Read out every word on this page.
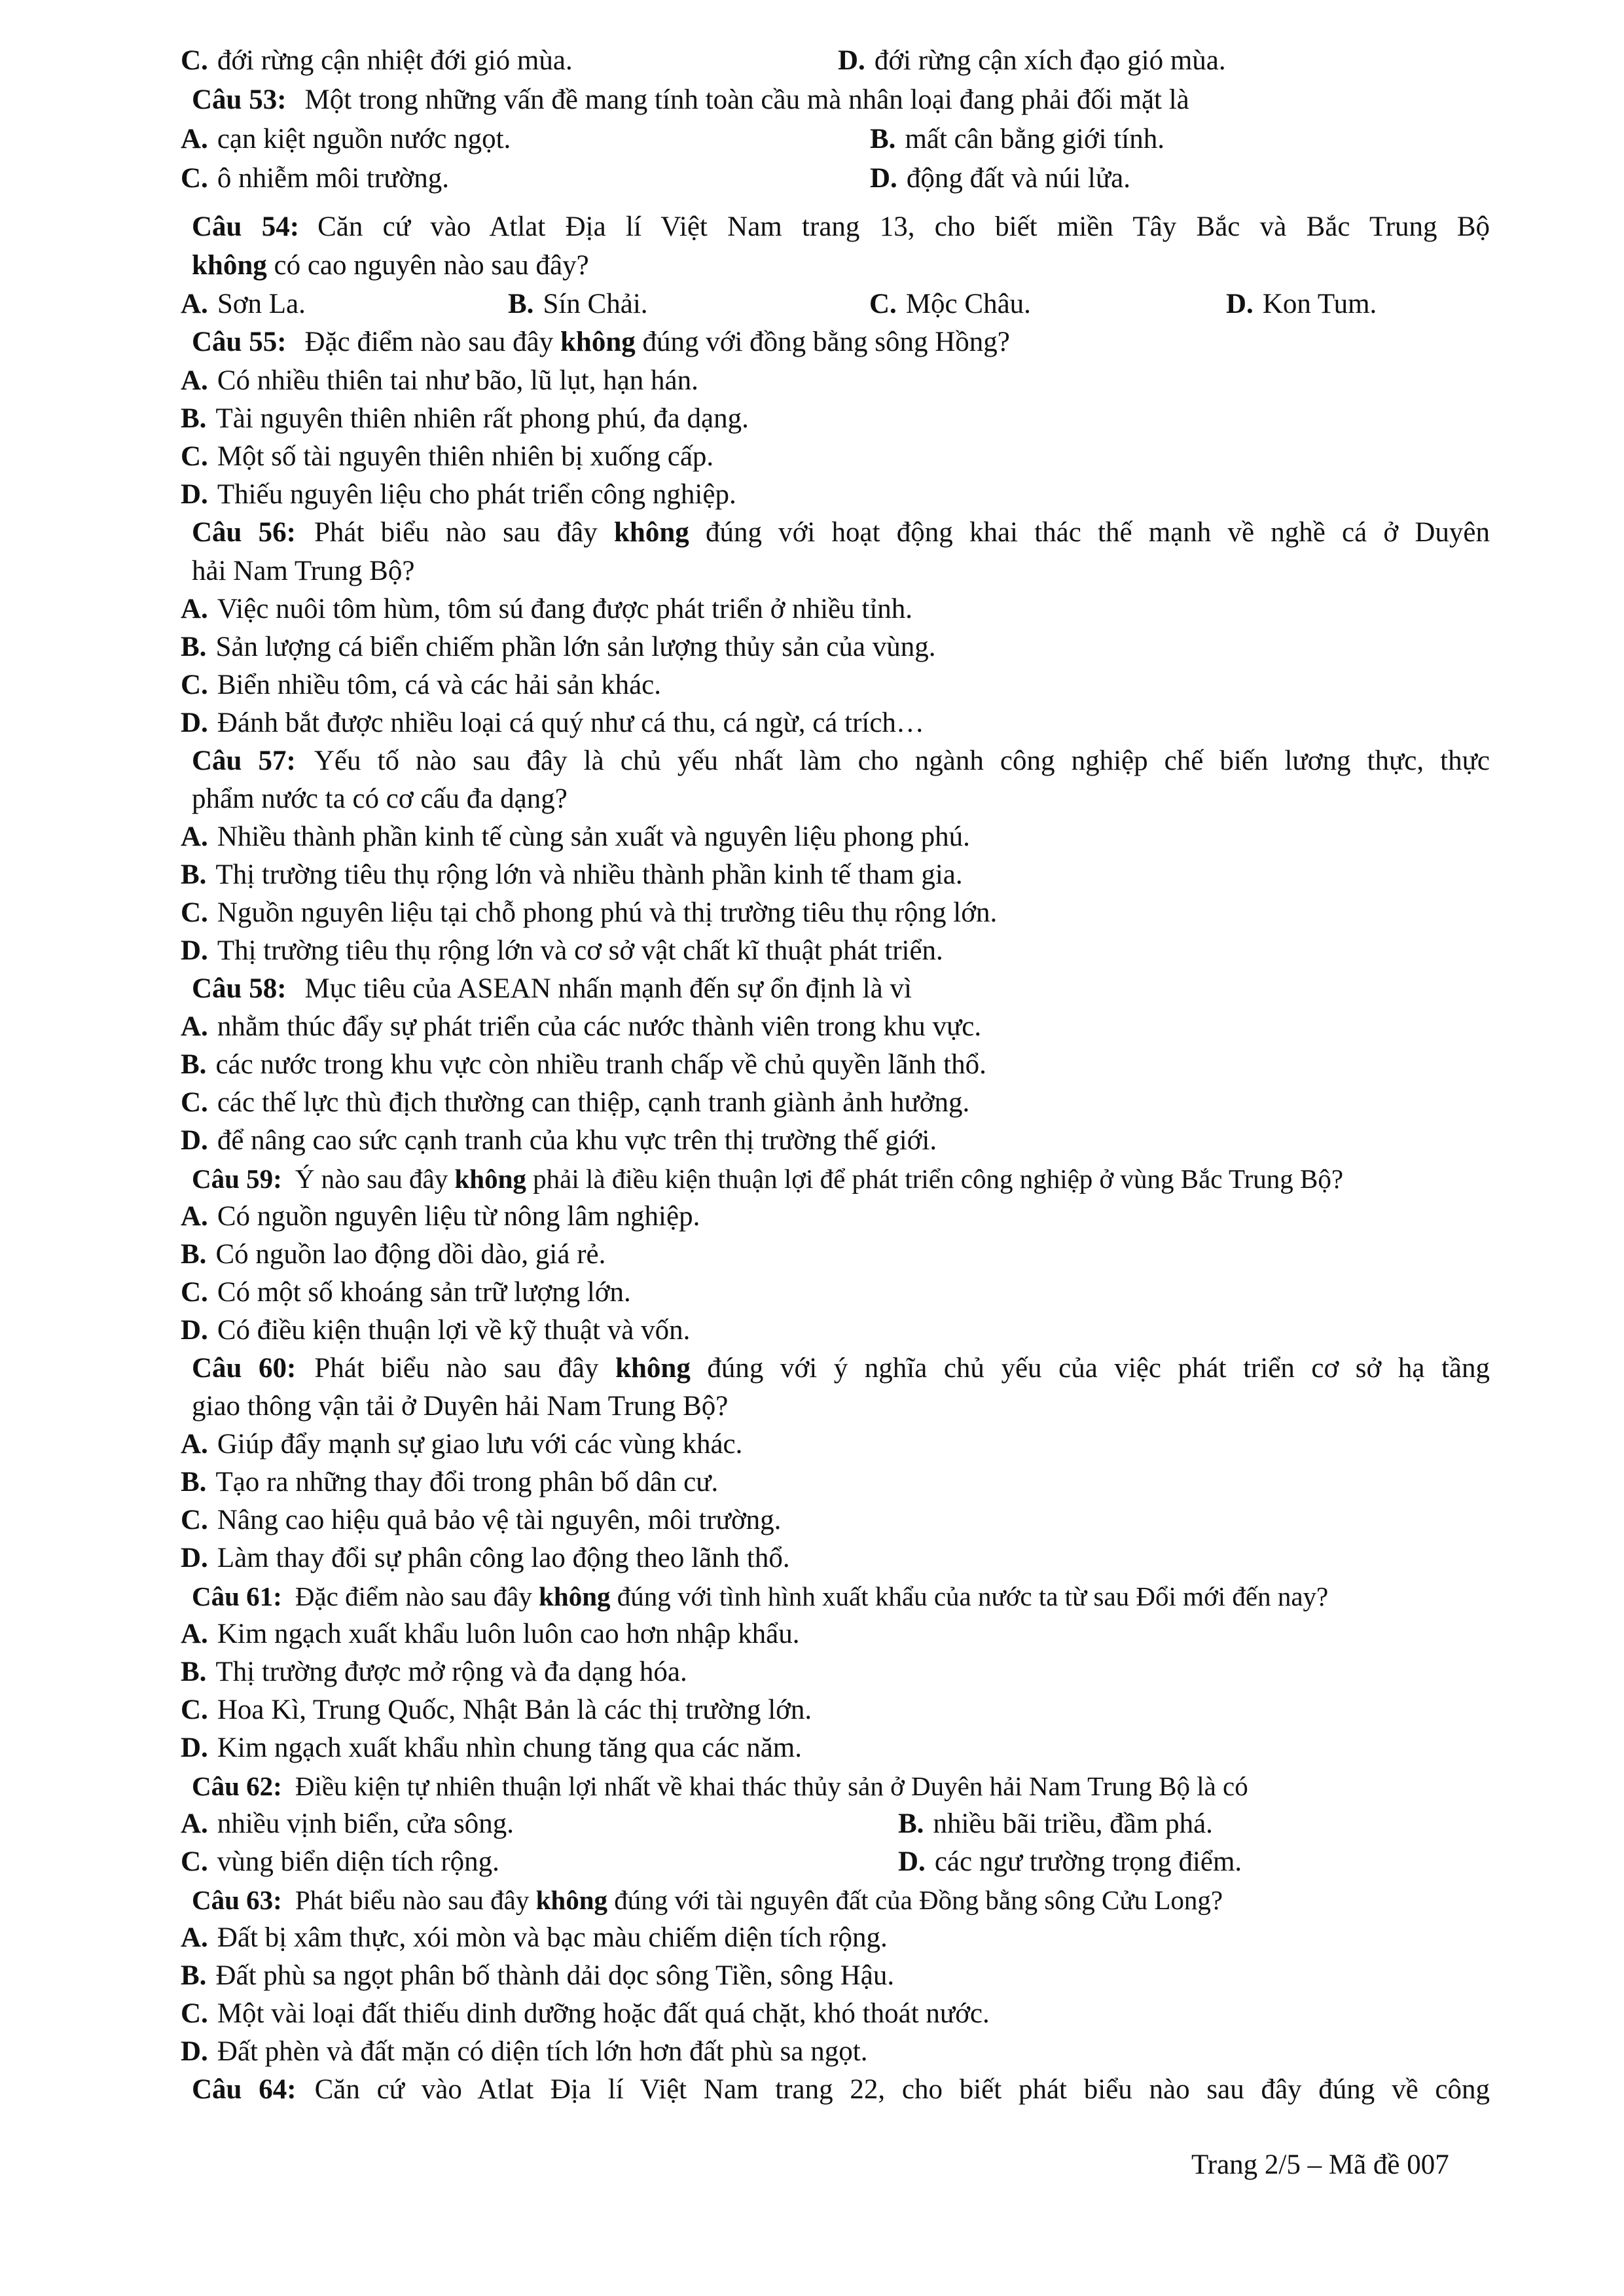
C. đới rừng cận nhiệt đới gió mùa.	D. đới rừng cận xích đạo gió mùa.
Câu 53: Một trong những vấn đề mang tính toàn cầu mà nhân loại đang phải đối mặt là
A. cạn kiệt nguồn nước ngọt.	B. mất cân bằng giới tính.
C. ô nhiễm môi trường.	D. động đất và núi lửa.
Câu 54: Căn cứ vào Atlat Địa lí Việt Nam trang 13, cho biết miền Tây Bắc và Bắc Trung Bộ
không có cao nguyên nào sau đây?
A. Sơn La.	B. Sín Chải.	C. Mộc Châu.	D. Kon Tum.
Câu 55: Đặc điểm nào sau đây không đúng với đồng bằng sông Hồng?
A. Có nhiều thiên tai như bão, lũ lụt, hạn hán.
B. Tài nguyên thiên nhiên rất phong phú, đa dạng.
C. Một số tài nguyên thiên nhiên bị xuống cấp.
D. Thiếu nguyên liệu cho phát triển công nghiệp.
Câu 56: Phát biểu nào sau đây không đúng với hoạt động khai thác thế mạnh về nghề cá ở Duyên
hải Nam Trung Bộ?
A. Việc nuôi tôm hùm, tôm sú đang được phát triển ở nhiều tỉnh.
B. Sản lượng cá biển chiếm phần lớn sản lượng thủy sản của vùng.
C. Biển nhiều tôm, cá và các hải sản khác.
D. Đánh bắt được nhiều loại cá quý như cá thu, cá ngừ, cá trích…
Câu 57: Yếu tố nào sau đây là chủ yếu nhất làm cho ngành công nghiệp chế biến lương thực, thực
phẩm nước ta có cơ cấu đa dạng?
A. Nhiều thành phần kinh tế cùng sản xuất và nguyên liệu phong phú.
B. Thị trường tiêu thụ rộng lớn và nhiều thành phần kinh tế tham gia.
C. Nguồn nguyên liệu tại chỗ phong phú và thị trường tiêu thụ rộng lớn.
D. Thị trường tiêu thụ rộng lớn và cơ sở vật chất kĩ thuật phát triển.
Câu 58: Mục tiêu của ASEAN nhấn mạnh đến sự ổn định là vì
A. nhằm thúc đẩy sự phát triển của các nước thành viên trong khu vực.
B. các nước trong khu vực còn nhiều tranh chấp về chủ quyền lãnh thổ.
C. các thế lực thù địch thường can thiệp, cạnh tranh giành ảnh hưởng.
D. để nâng cao sức cạnh tranh của khu vực trên thị trường thế giới.
Câu 59: Ý nào sau đây không phải là điều kiện thuận lợi để phát triển công nghiệp ở vùng Bắc Trung Bộ?
A. Có nguồn nguyên liệu từ nông lâm nghiệp.
B. Có nguồn lao động dồi dào, giá rẻ.
C. Có một số khoáng sản trữ lượng lớn.
D. Có điều kiện thuận lợi về kỹ thuật và vốn.
Câu 60: Phát biểu nào sau đây không đúng với ý nghĩa chủ yếu của việc phát triển cơ sở hạ tầng
giao thông vận tải ở Duyên hải Nam Trung Bộ?
A. Giúp đẩy mạnh sự giao lưu với các vùng khác.
B. Tạo ra những thay đổi trong phân bố dân cư.
C. Nâng cao hiệu quả bảo vệ tài nguyên, môi trường.
D. Làm thay đổi sự phân công lao động theo lãnh thổ.
Câu 61: Đặc điểm nào sau đây không đúng với tình hình xuất khẩu của nước ta từ sau Đổi mới đến nay?
A. Kim ngạch xuất khẩu luôn luôn cao hơn nhập khẩu.
B. Thị trường được mở rộng và đa dạng hóa.
C. Hoa Kì, Trung Quốc, Nhật Bản là các thị trường lớn.
D. Kim ngạch xuất khẩu nhìn chung tăng qua các năm.
Câu 62: Điều kiện tự nhiên thuận lợi nhất về khai thác thủy sản ở Duyên hải Nam Trung Bộ là có
A. nhiều vịnh biển, cửa sông.	B. nhiều bãi triều, đầm phá.
C. vùng biển diện tích rộng.	D. các ngư trường trọng điểm.
Câu 63: Phát biểu nào sau đây không đúng với tài nguyên đất của Đồng bằng sông Cửu Long?
A. Đất bị xâm thực, xói mòn và bạc màu chiếm diện tích rộng.
B. Đất phù sa ngọt phân bố thành dải dọc sông Tiền, sông Hậu.
C. Một vài loại đất thiếu dinh dưỡng hoặc đất quá chặt, khó thoát nước.
D. Đất phèn và đất mặn có diện tích lớn hơn đất phù sa ngọt.
Câu 64: Căn cứ vào Atlat Địa lí Việt Nam trang 22, cho biết phát biểu nào sau đây đúng về công
Trang 2/5 – Mã đề 007
